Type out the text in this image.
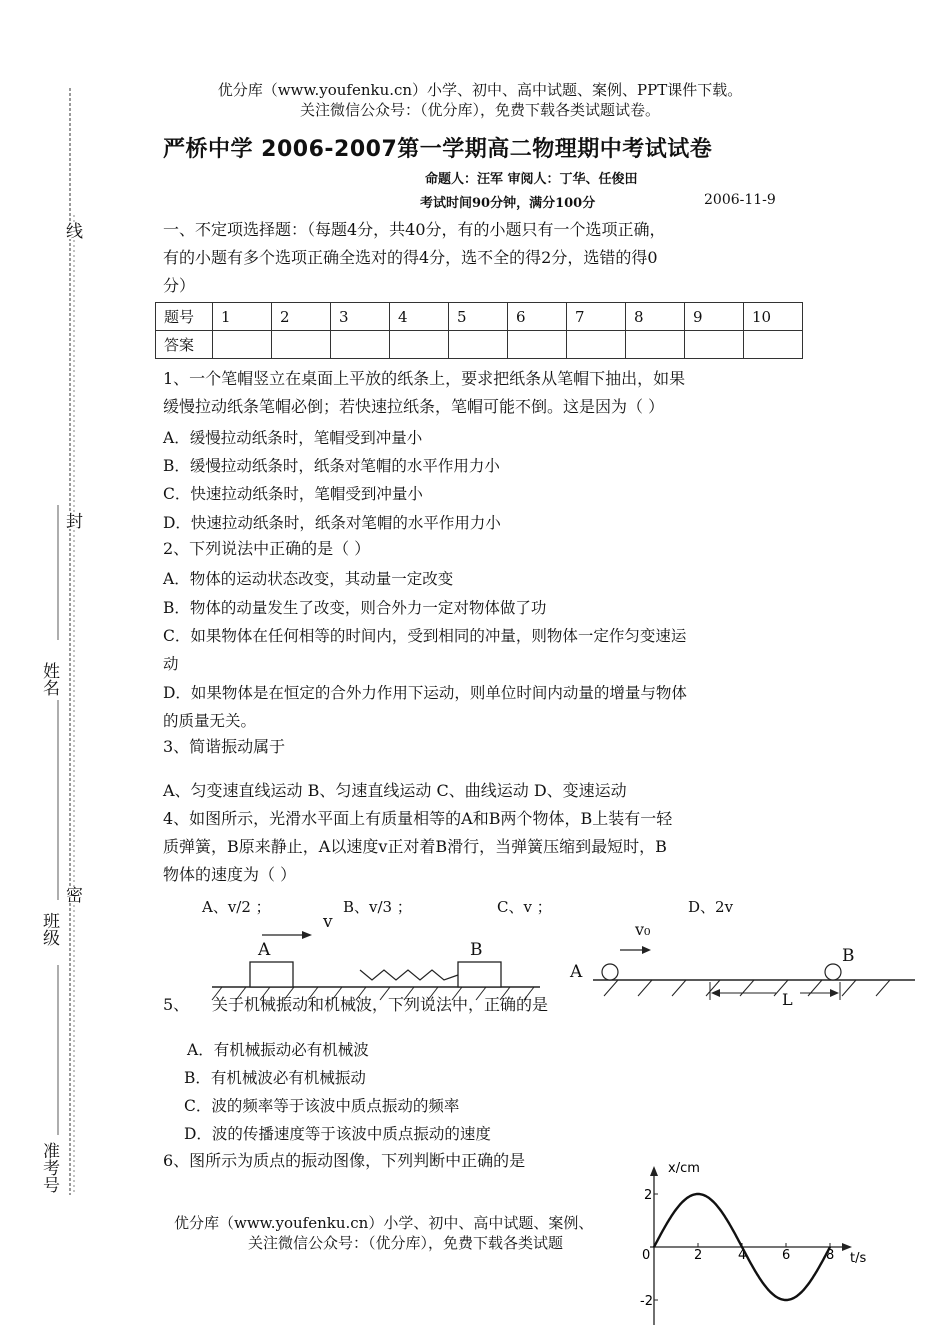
优分库（www.youfenku.cn）小学、初中、高中试题、案例、PPT课件下载。
关注微信公众号：（优分库），免费下载各类试题试卷。
严桥中学 2006-2007第一学期高二物理期中考试试卷
命题人：汪军 审阅人：丁华、任俊田
考试时间90分钟，满分100分	2006-11-9
线
封
密
姓名
班级
准考号
一、不定项选择题：（每题4分，共40分，有的小题只有一个选项正确，
有的小题有多个选项正确全选对的得4分，选不全的得2分，选错的得0
分）
题号	1	2	3	4	5	6	7	8	9	10
答案										
1、一个笔帽竖立在桌面上平放的纸条上，要求把纸条从笔帽下抽出，如果
缓慢拉动纸条笔帽必倒；若快速拉纸条，笔帽可能不倒。这是因为（ ）
A．缓慢拉动纸条时，笔帽受到冲量小
B．缓慢拉动纸条时，纸条对笔帽的水平作用力小
C．快速拉动纸条时，笔帽受到冲量小
D．快速拉动纸条时，纸条对笔帽的水平作用力小
2、下列说法中正确的是（ ）
A．物体的运动状态改变，其动量一定改变
B．物体的动量发生了改变，则合外力一定对物体做了功
C．如果物体在任何相等的时间内，受到相同的冲量，则物体一定作匀变速运
动
D．如果物体是在恒定的合外力作用下运动，则单位时间内动量的增量与物体
的质量无关。
3、简谐振动属于
A、匀变速直线运动 B、匀速直线运动 C、曲线运动 D、变速运动
4、如图所示，光滑水平面上有质量相等的A和B两个物体，B上装有一轻
质弹簧，B原来静止，A以速度v正对着B滑行，当弹簧压缩到最短时，B
物体的速度为（ ）
A、v/2 ；	B、v/3 ；	C、v ；	D、2v
A	B
v
A
B
v₀
L
5、 关于机械振动和机械波，下列说法中，正确的是
A．有机械振动必有机械波
B．有机械波必有机械振动
C．波的频率等于该波中质点振动的频率
D．波的传播速度等于该波中质点振动的速度
6、图所示为质点的振动图像，下列判断中正确的是
优分库（www.youfenku.cn）小学、初中、高中试题、案例、
关注微信公众号：（优分库），免费下载各类试题
x/cm
t/s
0	2	4	6	8
2
-2
